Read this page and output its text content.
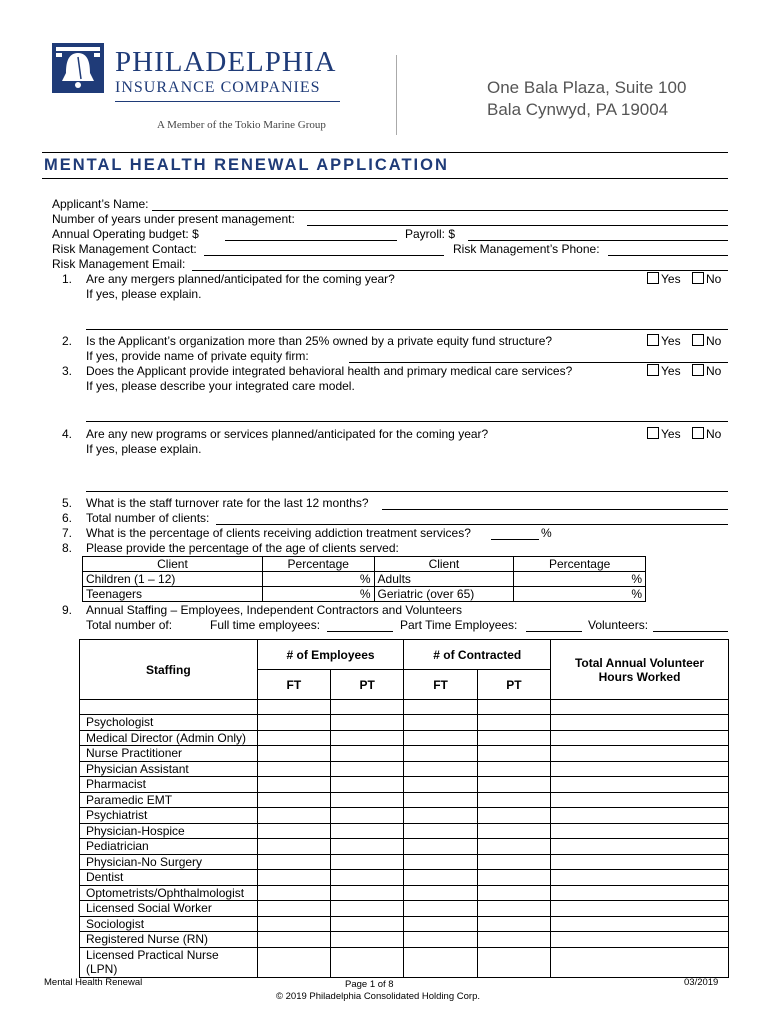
PHILADELPHIA
INSURANCE COMPANIES
A Member of the Tokio Marine Group
One Bala Plaza, Suite 100
Bala Cynwyd, PA 19004
MENTAL HEALTH RENEWAL APPLICATION
Applicant’s Name:
Number of years under present management:
Annual Operating budget: $	Payroll: $
Risk Management Contact:	Risk Management’s Phone:
Risk Management Email:
1. Are any mergers planned/anticipated for the coming year?	Yes	No
If yes, please explain.
2. Is the Applicant’s organization more than 25% owned by a private equity fund structure?	Yes	No
If yes, provide name of private equity firm:
3. Does the Applicant provide integrated behavioral health and primary medical care services?	Yes	No
If yes, please describe your integrated care model.
4. Are any new programs or services planned/anticipated for the coming year?	Yes	No
If yes, please explain.
5. What is the staff turnover rate for the last 12 months?
6. Total number of clients:
7. What is the percentage of clients receiving addiction treatment services?	%
8. Please provide the percentage of the age of clients served:
Client	Percentage	Client	Percentage
Children (1 – 12)	%	Adults	%
Teenagers	%	Geriatric (over 65)	%
9. Annual Staffing – Employees, Independent Contractors and Volunteers
Total number of:	Full time employees:	Part Time Employees:	Volunteers:
Staffing	# of Employees		# of Contracted		Total Annual Volunteer Hours Worked
	FT	PT	FT	PT	

Psychologist					
Medical Director (Admin Only)					
Nurse Practitioner					
Physician Assistant					
Pharmacist					
Paramedic EMT					
Psychiatrist					
Physician-Hospice					
Pediatrician					
Physician-No Surgery					
Dentist					
Optometrists/Ophthalmologist					
Licensed Social Worker					
Sociologist					
Registered Nurse (RN)					
Licensed Practical Nurse (LPN)					
Mental Health Renewal	Page 1 of 8	03/2019
© 2019 Philadelphia Consolidated Holding Corp.
